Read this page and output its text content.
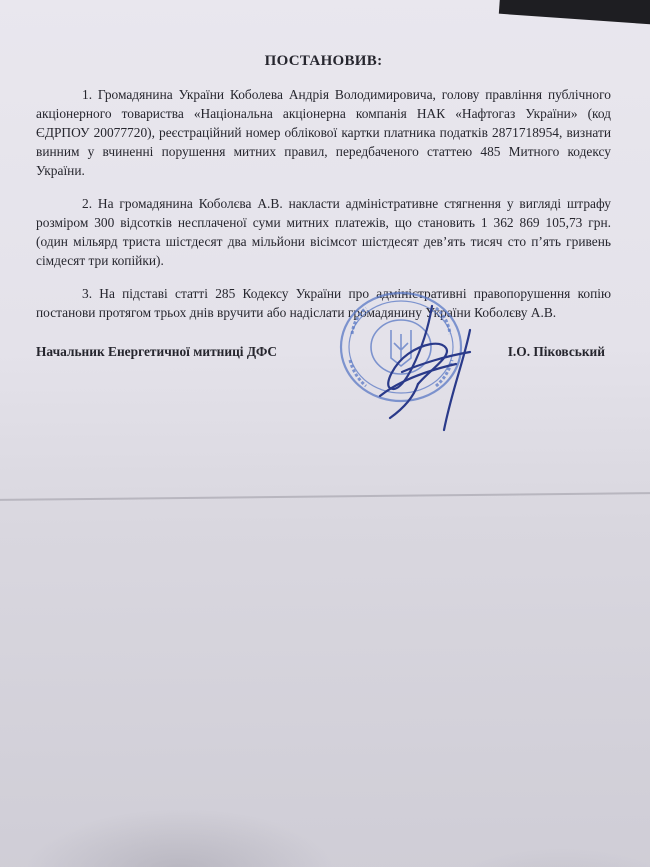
ПОСТАНОВИВ:

1. Громадянина України Коболева Андрія Володимировича, голову правління публічного акціонерного товариства «Національна акціонерна компанія НАК «Нафтогаз України» (код ЄДРПОУ 20077720), реєстраційний номер облікової картки платника податків 2871718954, визнати винним у вчиненні порушення митних правил, передбаченого статтею 485 Митного кодексу України.

2. На громадянина Коболєва А.В. накласти адміністративне стягнення у вигляді штрафу розміром 300 відсотків несплаченої суми митних платежів, що становить 1 362 869 105,73 грн. (один мільярд триста шістдесят два мільйони вісімсот шістдесят дев’ять тисяч сто п’ять гривень сімдесят три копійки).

3. На підставі статті 285 Кодексу України про адміністративні правопорушення копію постанови протягом трьох днів вручити або надіслати громадянину України Коболєву А.В.

Начальник Енергетичної митниці ДФС	І.О. Піковський
